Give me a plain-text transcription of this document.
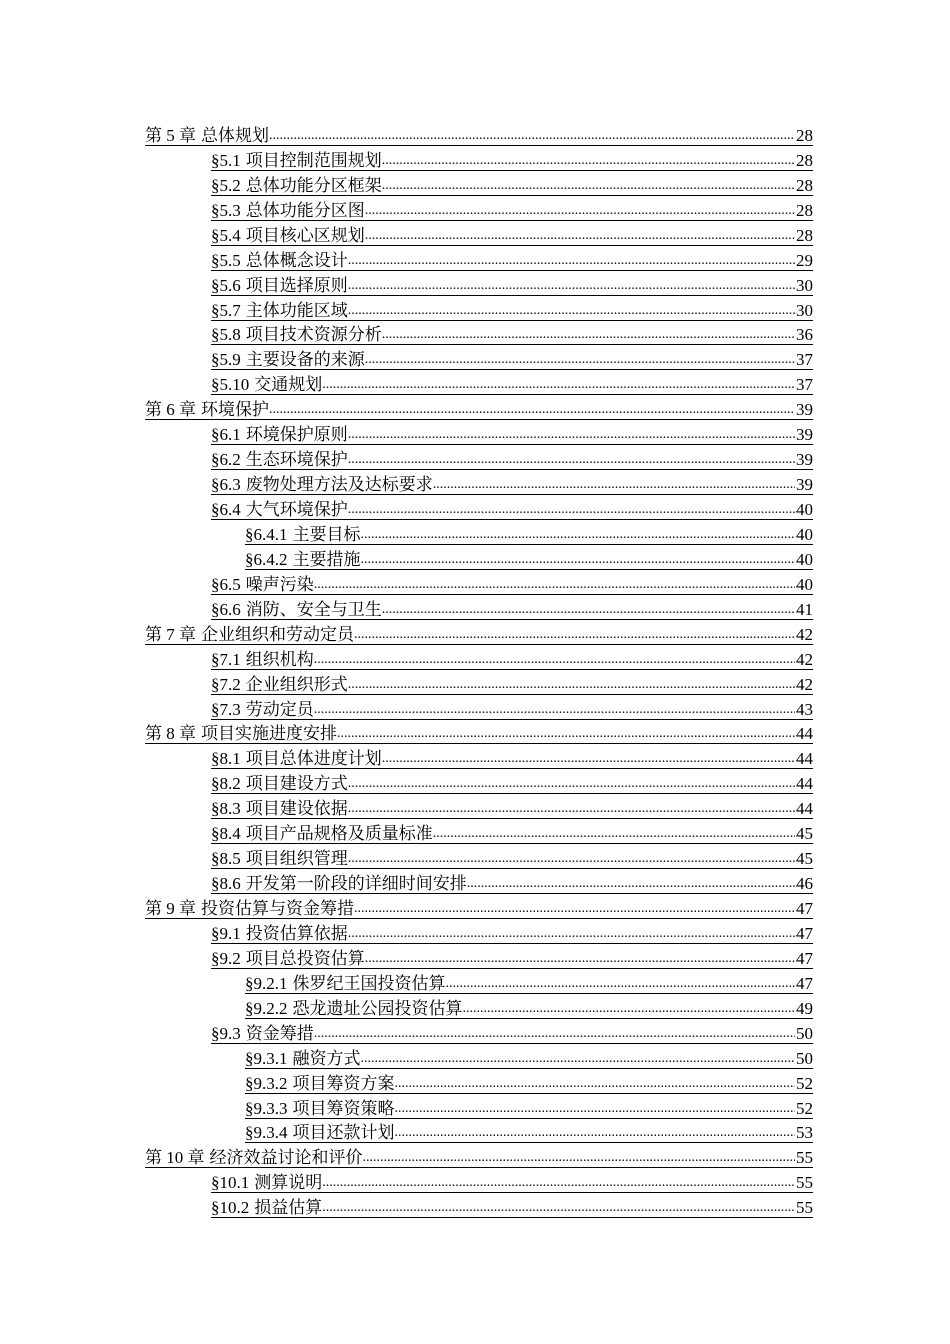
第 5 章 总体规划 .....	28
§5.1 项目控制范围规划 .....	28
§5.2 总体功能分区框架 .....	28
§5.3 总体功能分区图 .....	28
§5.4 项目核心区规划 .....	28
§5.5 总体概念设计 .....	29
§5.6 项目选择原则 .....	30
§5.7 主体功能区域 .....	30
§5.8 项目技术资源分析 .....	36
§5.9 主要设备的来源 .....	37
§5.10 交通规划 .....	37
第 6 章 环境保护 .....	39
§6.1 环境保护原则 .....	39
§6.2 生态环境保护 .....	39
§6.3 废物处理方法及达标要求 .....	39
§6.4 大气环境保护 .....	40
§6.4.1 主要目标 .....	40
§6.4.2 主要措施 .....	40
§6.5 噪声污染 .....	40
§6.6 消防、安全与卫生 .....	41
第 7 章 企业组织和劳动定员 .....	42
§7.1 组织机构 .....	42
§7.2 企业组织形式 .....	42
§7.3 劳动定员 .....	43
第 8 章 项目实施进度安排 .....	44
§8.1 项目总体进度计划 .....	44
§8.2 项目建设方式 .....	44
§8.3 项目建设依据 .....	44
§8.4 项目产品规格及质量标准 .....	45
§8.5 项目组织管理 .....	45
§8.6 开发第一阶段的详细时间安排 .....	46
第 9 章 投资估算与资金筹措 .....	47
§9.1 投资估算依据 .....	47
§9.2 项目总投资估算 .....	47
§9.2.1 侏罗纪王国投资估算 .....	47
§9.2.2 恐龙遗址公园投资估算 .....	49
§9.3 资金筹措 .....	50
§9.3.1 融资方式 .....	50
§9.3.2 项目筹资方案 .....	52
§9.3.3 项目筹资策略 .....	52
§9.3.4 项目还款计划 .....	53
第 10 章 经济效益讨论和评价 .....	55
§10.1 测算说明 .....	55
§10.2 损益估算 .....	55
